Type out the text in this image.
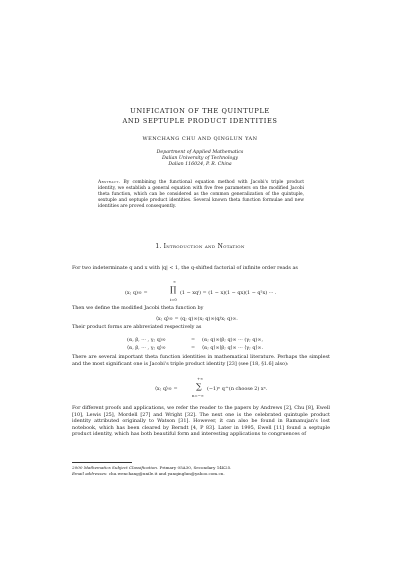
UNIFICATION OF THE QUINTUPLE
AND SEPTUPLE PRODUCT IDENTITIES
WENCHANG CHU AND QINGLUN YAN
Department of Applied Mathematics
Dalian University of Technology
Dalian 116024, P. R. China
Abstract. By combining the functional equation method with Jacobi's triple product identity, we establish a general equation with five free parameters on the modified Jacobi theta function, which can be considered as the common generalization of the quintuple, sextuple and septuple product identities. Several known theta function formulae and new identities are proved consequently.
1. Introduction and Notation
For two indeterminate q and x with |q| < 1, the q-shifted factorial of infinite order reads as
(x; q)∞ =
∞
∏
i=0
(1 − xqⁱ) = (1 − x)(1 − qx)(1 − q²x) ··· .
Then we define the modified Jacobi theta function by
⟨x; q⟩∞ = (q; q)∞(x; q)∞(q/x; q)∞.
Their product forms are abbreviated respectively as
(α, β, ··· , γ; q)∞	= (α; q)∞(β; q)∞ ··· (γ; q)∞,
⟨α, β, ··· , γ; q⟩∞	= ⟨α; q⟩∞⟨β; q⟩∞ ··· ⟨γ; q⟩∞.
There are several important theta function identities in mathematical literature. Perhaps the simplest and the most significant one is Jacobi's triple product identity [23] (see [18, §1.6] also):
⟨x; q⟩∞ =
+∞
∑
n=−∞
(−1)ⁿ q^(n choose 2) xⁿ.
For different proofs and applications, we refer the reader to the papers by Andrews [2], Chu [8], Ewell [10], Lewis [25], Mordell [27] and Wright [32]. The next one is the celebrated quintuple product identity attributed originally to Watson [31]. However, it can also be found in Ramanujan's lost notebook, which has been cleared by Berndt [4, P 83]. Later in 1995, Ewell [11] found a septuple product identity, which has both beautiful form and interesting applications to congruences of
2000 Mathematics Subject Classification. Primary 05A30, Secondary 14K25.
Email addresses: chu.wenchang@unile.it and yanqinglun@yahoo.com.cn.
